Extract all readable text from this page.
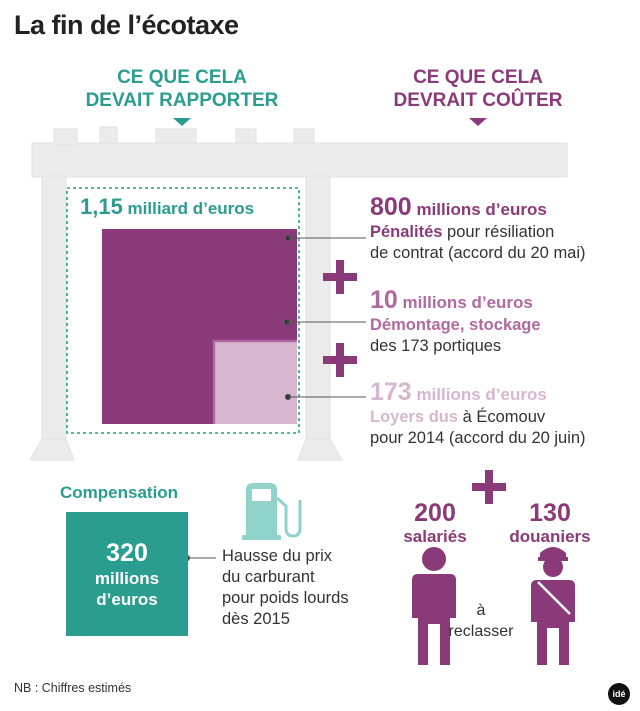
La fin de l’écotaxe
CE QUE CELA
DEVAIT RAPPORTER
CE QUE CELA
DEVRAIT COÛTER
1,15 milliard d’euros	800 millions d’euros
Pénalités pour résiliation
de contrat (accord du 20 mai)
10 millions d’euros
Démontage, stockage
des 173 portiques
173 millions d’euros
Loyers dus à Écomouv
pour 2014 (accord du 20 juin)
Compensation
320
millions
d’euros
Hausse du prix
du carburant
pour poids lourds
dès 2015
200
salariés
130
douaniers
à
reclasser
NB : Chiffres estimés	idé
